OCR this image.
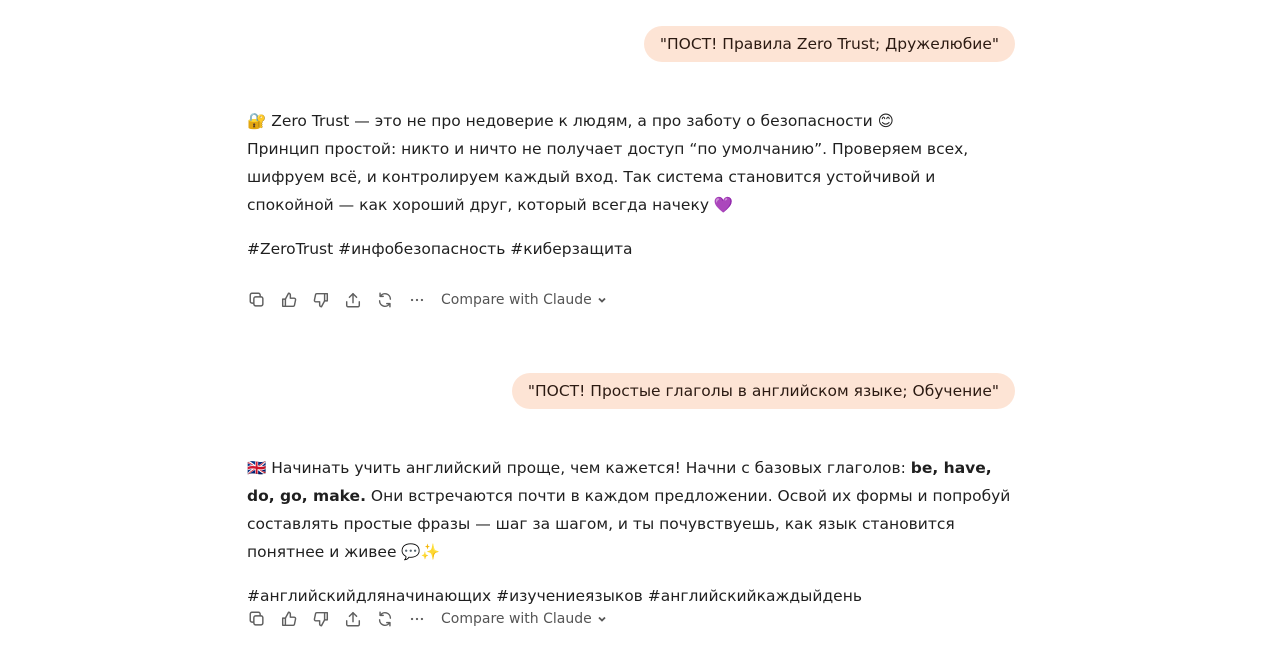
"ПОСТ! Правила Zero Trust; Дружелюбие"

🔐 Zero Trust — это не про недоверие к людям, а про заботу о безопасности 😊

Принцип простой: никто и ничто не получает доступ “по умолчанию”. Проверяем всех, шифруем всё, и контролируем каждый вход. Так система становится устойчивой и спокойной — как хороший друг, который всегда начеку 💜

#ZeroTrust #инфобезопасность #киберзащита

Compare with Claude
"ПОСТ! Простые глаголы в английском языке; Обучение"

🇬🇧 Начинать учить английский проще, чем кажется! Начни с базовых глаголов: be, have, do, go, make. Они встречаются почти в каждом предложении. Освой их формы и попробуй составлять простые фразы — шаг за шагом, и ты почувствуешь, как язык становится понятнее и живее 💬✨

#английскийдляначинающих #изучениеязыков #английскийкаждыйдень

Compare with Claude
